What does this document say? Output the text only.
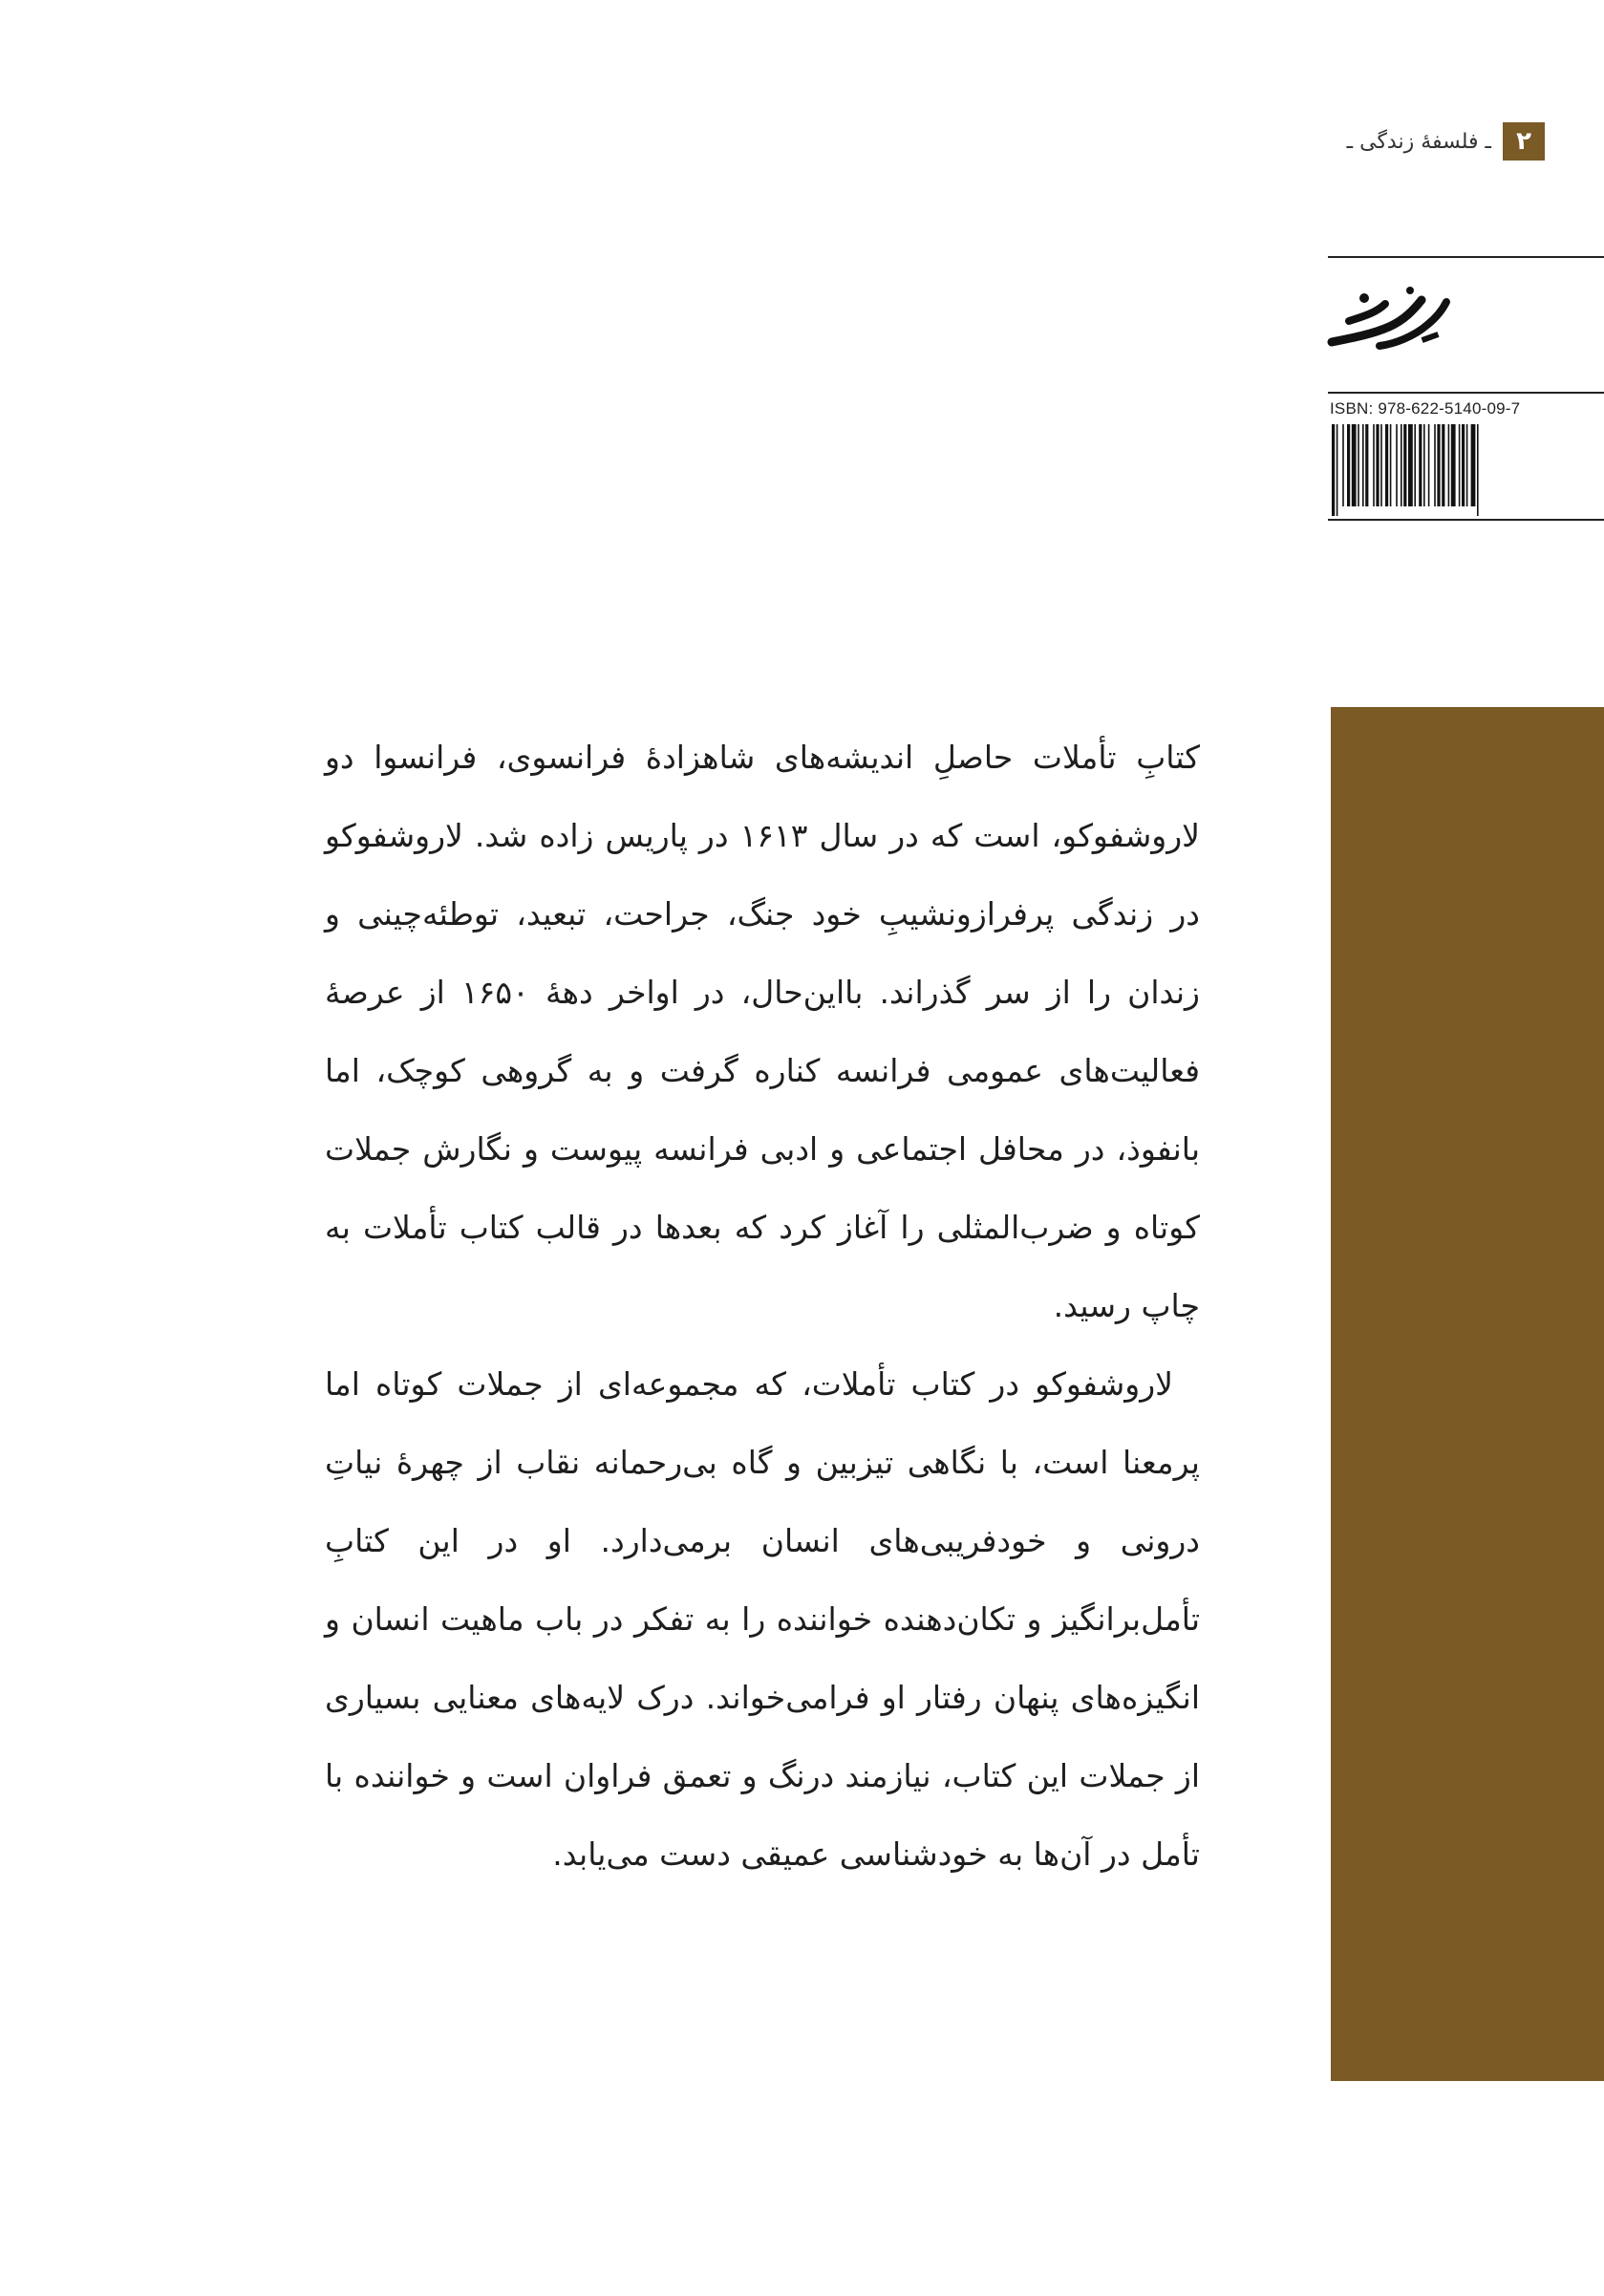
۲
ـ فلسفهٔ زندگی ـ
ISBN: 978-622-5140-09-7

کتابِ تأملات حاصلِ اندیشه‌های شاهزادهٔ فرانسوی، فرانسوا دو لاروشفوکو، است که در سال ۱۶۱۳ در پاریس زاده شد. لاروشفوکو در زندگی پرفرازونشیبِ خود جنگ، جراحت، تبعید، توطئه‌چینی و زندان را از سر گذراند. بااین‌حال، در اواخر دههٔ ۱۶۵۰ از عرصهٔ فعالیت‌های عمومی فرانسه کناره گرفت و به گروهی کوچک، اما بانفوذ، در محافل اجتماعی و ادبی فرانسه پیوست و نگارش جملات کوتاه و ضرب‌المثلی را آغاز کرد که بعدها در قالب کتاب تأملات به چاپ رسید.

لاروشفوکو در کتاب تأملات، که مجموعه‌ای از جملات کوتاه اما پرمعنا است، با نگاهی تیزبین و گاه بی‌رحمانه نقاب از چهرهٔ نیاتِ درونی و خودفریبی‌های انسان برمی‌دارد. او در این کتابِ تأمل‌برانگیز و تکان‌دهنده خواننده را به تفکر در باب ماهیت انسان و انگیزه‌های پنهان رفتار او فرامی‌خواند. درک لایه‌های معنایی بسیاری از جملات این کتاب، نیازمند درنگ و تعمق فراوان است و خواننده با تأمل در آن‌ها به خودشناسی عمیقی دست می‌یابد.
